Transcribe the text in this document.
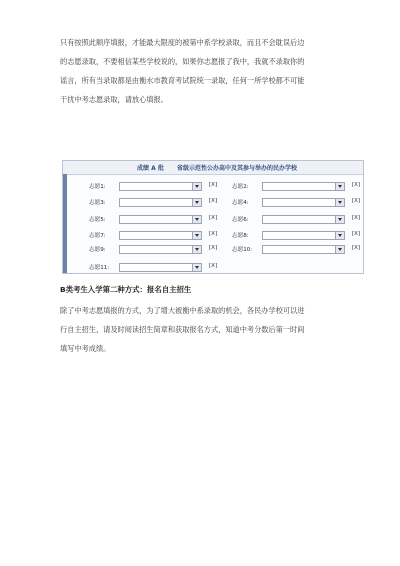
只有按照此顺序填报，才能最大限度的被第中系学校录取，而且不会耽误后边

的志愿录取，不要相信某些学校说的，如果你志愿报了我中，我就不录取你的

谣言，所有当录取都是由衡水市教育考试院统一录取，任何一所学校都不可能

干扰中考志愿录取，请放心填报。

成绩 A 批 省级示范性公办高中及其参与举办的民办学校
志愿1:	[X]	志愿2:	[X]
志愿3:	[X]	志愿4:	[X]
志愿5:	[X]	志愿6:	[X]
志愿7:	[X]	志愿8:	[X]
志愿9:	[X]	志愿10:	[X]
志愿11:	[X]
B类考生入学第二种方式：报名自主招生

除了中考志愿填报的方式，为了增大被衡中系录取的机会，各民办学校可以进

行自主招生，请及时阅读招生简章和获取报名方式，知道中考分数后第一时间

填写中考成绩。
